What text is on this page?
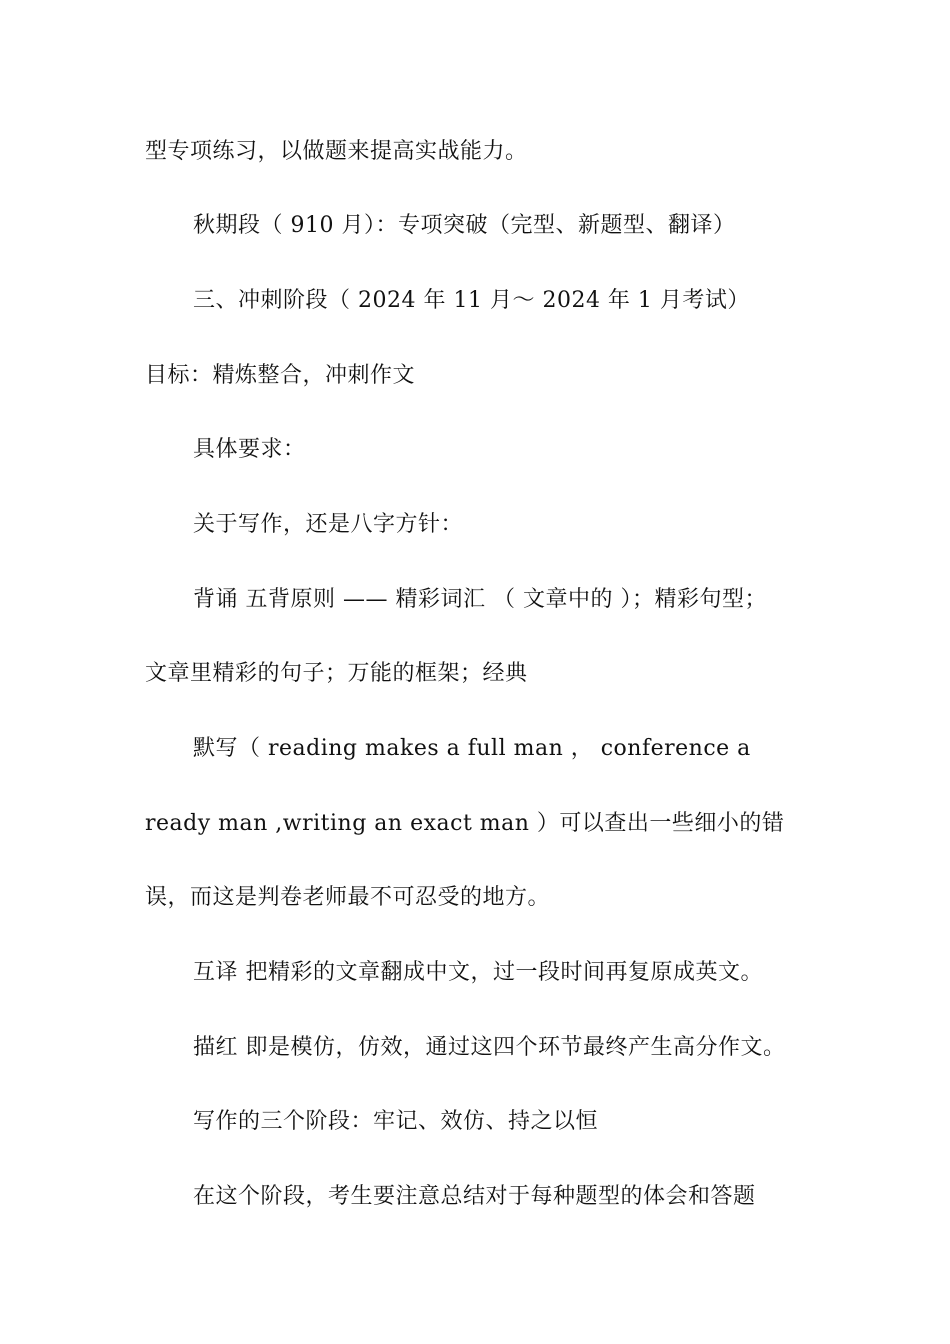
型专项练习，以做题来提高实战能力。
秋期段（ 910 月）：专项突破（完型、新题型、翻译）
三、冲刺阶段（ 2024 年 11 月～ 2024 年 1 月考试）
目标：精炼整合，冲刺作文
具体要求：
关于写作，还是八字方针：
背诵 五背原则 —— 精彩词汇 （ 文章中的 ）；精彩句型；
文章里精彩的句子；万能的框架；经典
默写（ reading makes a full man ， conference a
ready man ,writing an exact man ）可以查出一些细小的错
误，而这是判卷老师最不可忍受的地方。
互译 把精彩的文章翻成中文，过一段时间再复原成英文。
描红 即是模仿，仿效，通过这四个环节最终产生高分作文。
写作的三个阶段：牢记、效仿、持之以恒
在这个阶段，考生要注意总结对于每种题型的体会和答题
